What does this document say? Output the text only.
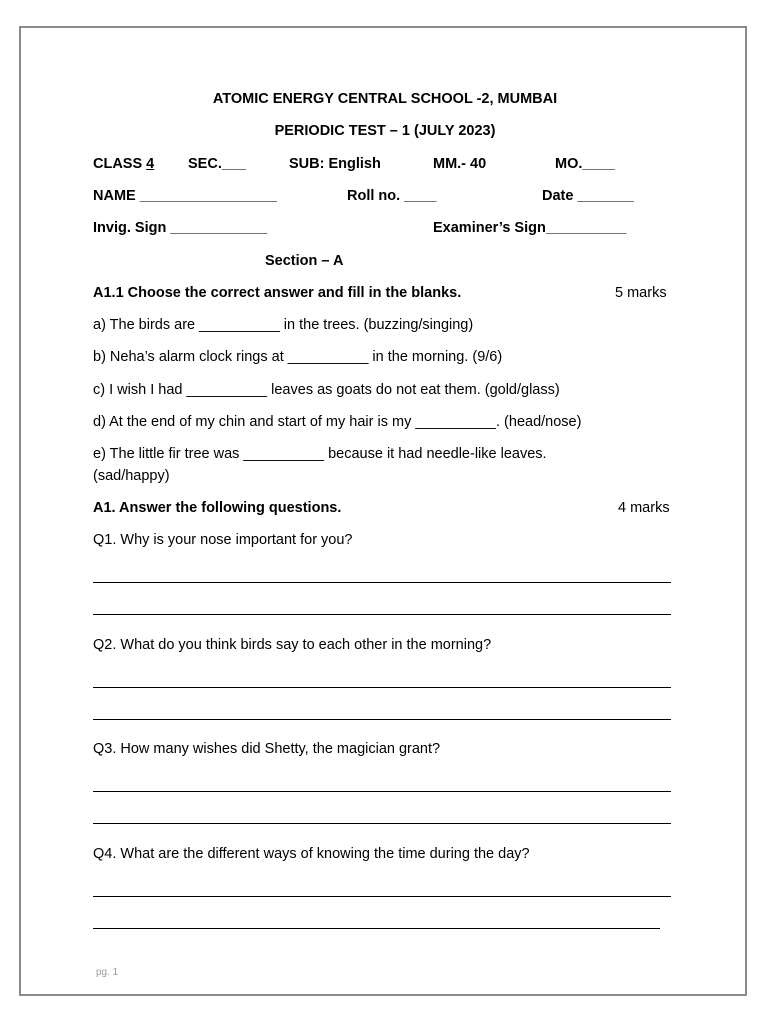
ATOMIC ENERGY CENTRAL SCHOOL -2, MUMBAI
PERIODIC TEST – 1 (JULY 2023)
CLASS 4 SEC.___	SUB: English	MM.- 40	MO.____
NAME _________________	Roll no. ____	Date _______
Invig. Sign ____________	Examiner’s Sign__________
Section – A
A1.1 Choose the correct answer and fill in the blanks.	5 marks
a) The birds are __________ in the trees. (buzzing/singing)
b) Neha’s alarm clock rings at __________ in the morning. (9/6)
c) I wish I had __________ leaves as goats do not eat them. (gold/glass)
d) At the end of my chin and start of my hair is my __________. (head/nose)
e) The little fir tree was __________ because it had needle-like leaves.
(sad/happy)
A1. Answer the following questions.	4 marks
Q1. Why is your nose important for you?
Q2. What do you think birds say to each other in the morning?
Q3. How many wishes did Shetty, the magician grant?
Q4. What are the different ways of knowing the time during the day?
pg. 1
